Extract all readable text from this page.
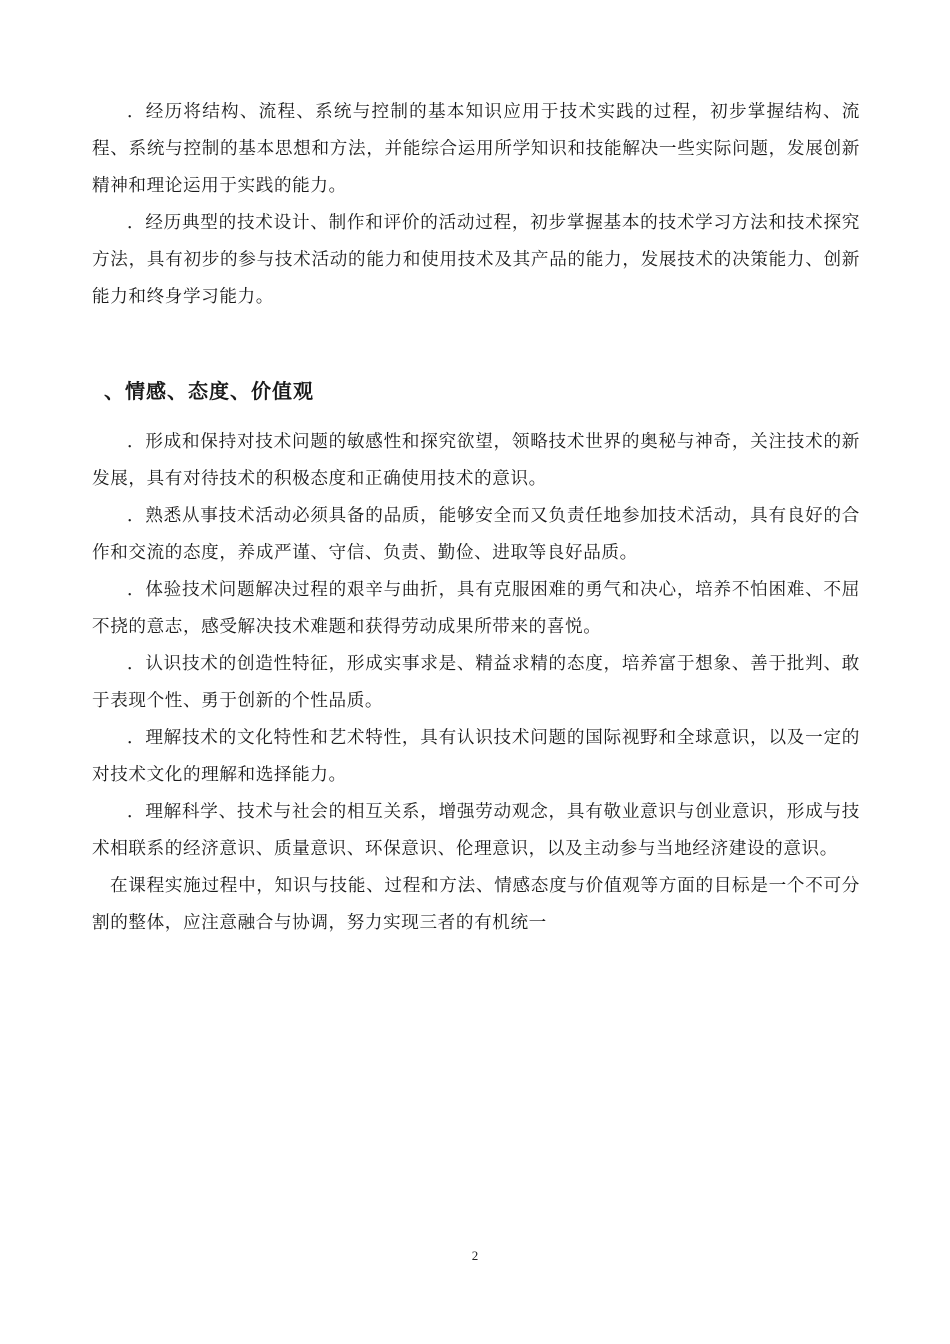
．经历将结构、流程、系统与控制的基本知识应用于技术实践的过程，初步掌握结构、流程、系统与控制的基本思想和方法，并能综合运用所学知识和技能解决一些实际问题，发展创新精神和理论运用于实践的能力。

．经历典型的技术设计、制作和评价的活动过程，初步掌握基本的技术学习方法和技术探究方法，具有初步的参与技术活动的能力和使用技术及其产品的能力，发展技术的决策能力、创新能力和终身学习能力。

、情感、态度、价值观

．形成和保持对技术问题的敏感性和探究欲望，领略技术世界的奥秘与神奇，关注技术的新发展，具有对待技术的积极态度和正确使用技术的意识。

．熟悉从事技术活动必须具备的品质，能够安全而又负责任地参加技术活动，具有良好的合作和交流的态度，养成严谨、守信、负责、勤俭、进取等良好品质。

．体验技术问题解决过程的艰辛与曲折，具有克服困难的勇气和决心，培养不怕困难、不屈不挠的意志，感受解决技术难题和获得劳动成果所带来的喜悦。

．认识技术的创造性特征，形成实事求是、精益求精的态度，培养富于想象、善于批判、敢于表现个性、勇于创新的个性品质。

．理解技术的文化特性和艺术特性，具有认识技术问题的国际视野和全球意识，以及一定的对技术文化的理解和选择能力。

．理解科学、技术与社会的相互关系，增强劳动观念，具有敬业意识与创业意识，形成与技术相联系的经济意识、质量意识、环保意识、伦理意识，以及主动参与当地经济建设的意识。

在课程实施过程中，知识与技能、过程和方法、情感态度与价值观等方面的目标是一个不可分割的整体，应注意融合与协调，努力实现三者的有机统一

2
